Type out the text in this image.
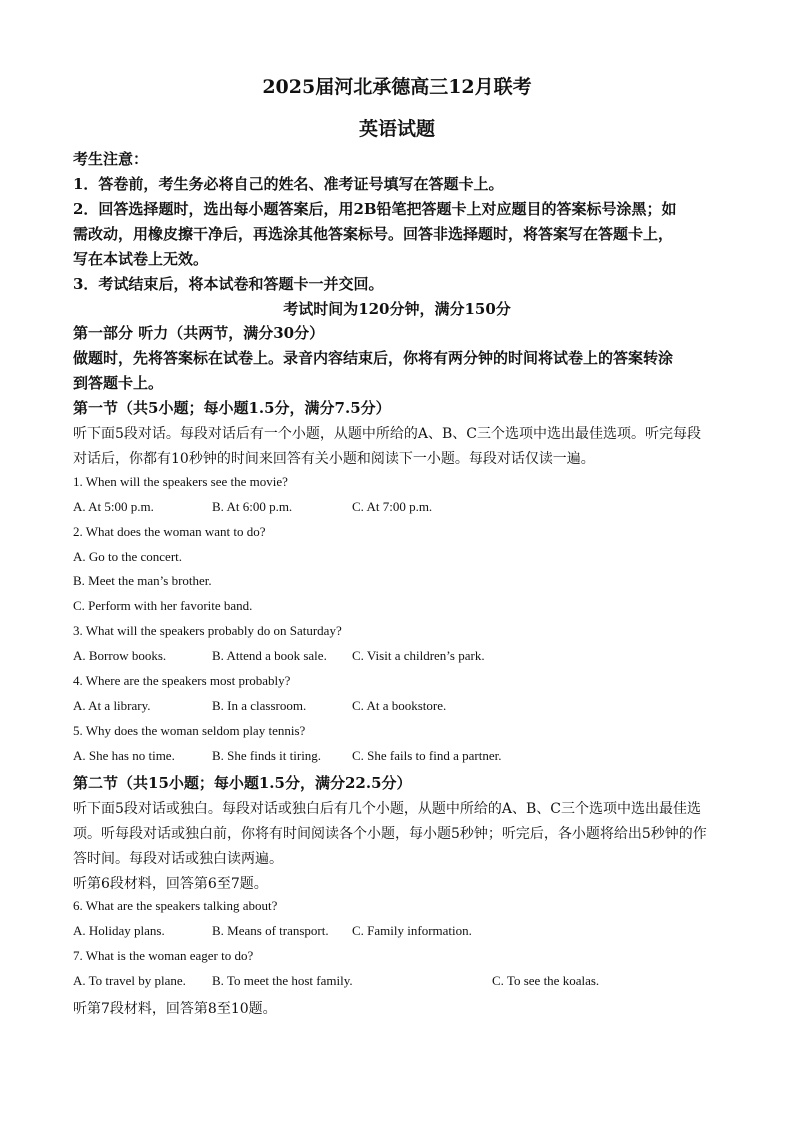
2025届河北承德高三12月联考
英语试题
考生注意：
1．答卷前，考生务必将自己的姓名、准考证号填写在答题卡上。
2．回答选择题时，选出每小题答案后，用2B铅笔把答题卡上对应题目的答案标号涂黑；如
需改动，用橡皮擦干净后，再选涂其他答案标号。回答非选择题时，将答案写在答题卡上，
写在本试卷上无效。
3．考试结束后，将本试卷和答题卡一并交回。
考试时间为120分钟，满分150分
第一部分 听力（共两节，满分30分）
做题时，先将答案标在试卷上。录音内容结束后，你将有两分钟的时间将试卷上的答案转涂
到答题卡上。
第一节（共5小题；每小题1.5分，满分7.5分）
听下面5段对话。每段对话后有一个小题，从题中所给的A、B、C三个选项中选出最佳选项。听完每段
对话后，你都有10秒钟的时间来回答有关小题和阅读下一小题。每段对话仅读一遍。
1. When will the speakers see the movie?
A. At 5:00 p.m.	B. At 6:00 p.m.	C. At 7:00 p.m.
2. What does the woman want to do?
A. Go to the concert.
B. Meet the man’s brother.
C. Perform with her favorite band.
3. What will the speakers probably do on Saturday?
A. Borrow books.	B. Attend a book sale. C. Visit a children’s park.
4. Where are the speakers most probably?
A. At a library.	B. In a classroom.	C. At a bookstore.
5. Why does the woman seldom play tennis?
A. She has no time.	B. She finds it tiring. C. She fails to find a partner.
第二节（共15小题；每小题1.5分，满分22.5分）
听下面5段对话或独白。每段对话或独白后有几个小题，从题中所给的A、B、C三个选项中选出最佳选
项。听每段对话或独白前，你将有时间阅读各个小题，每小题5秒钟；听完后，各小题将给出5秒钟的作
答时间。每段对话或独白读两遍。
听第6段材料，回答第6至7题。
6. What are the speakers talking about?
A. Holiday plans.	B. Means of transport. C. Family information.
7. What is the woman eager to do?
A. To travel by plane. B. To meet the host family.	C. To see the koalas.
听第7段材料，回答第8至10题。
